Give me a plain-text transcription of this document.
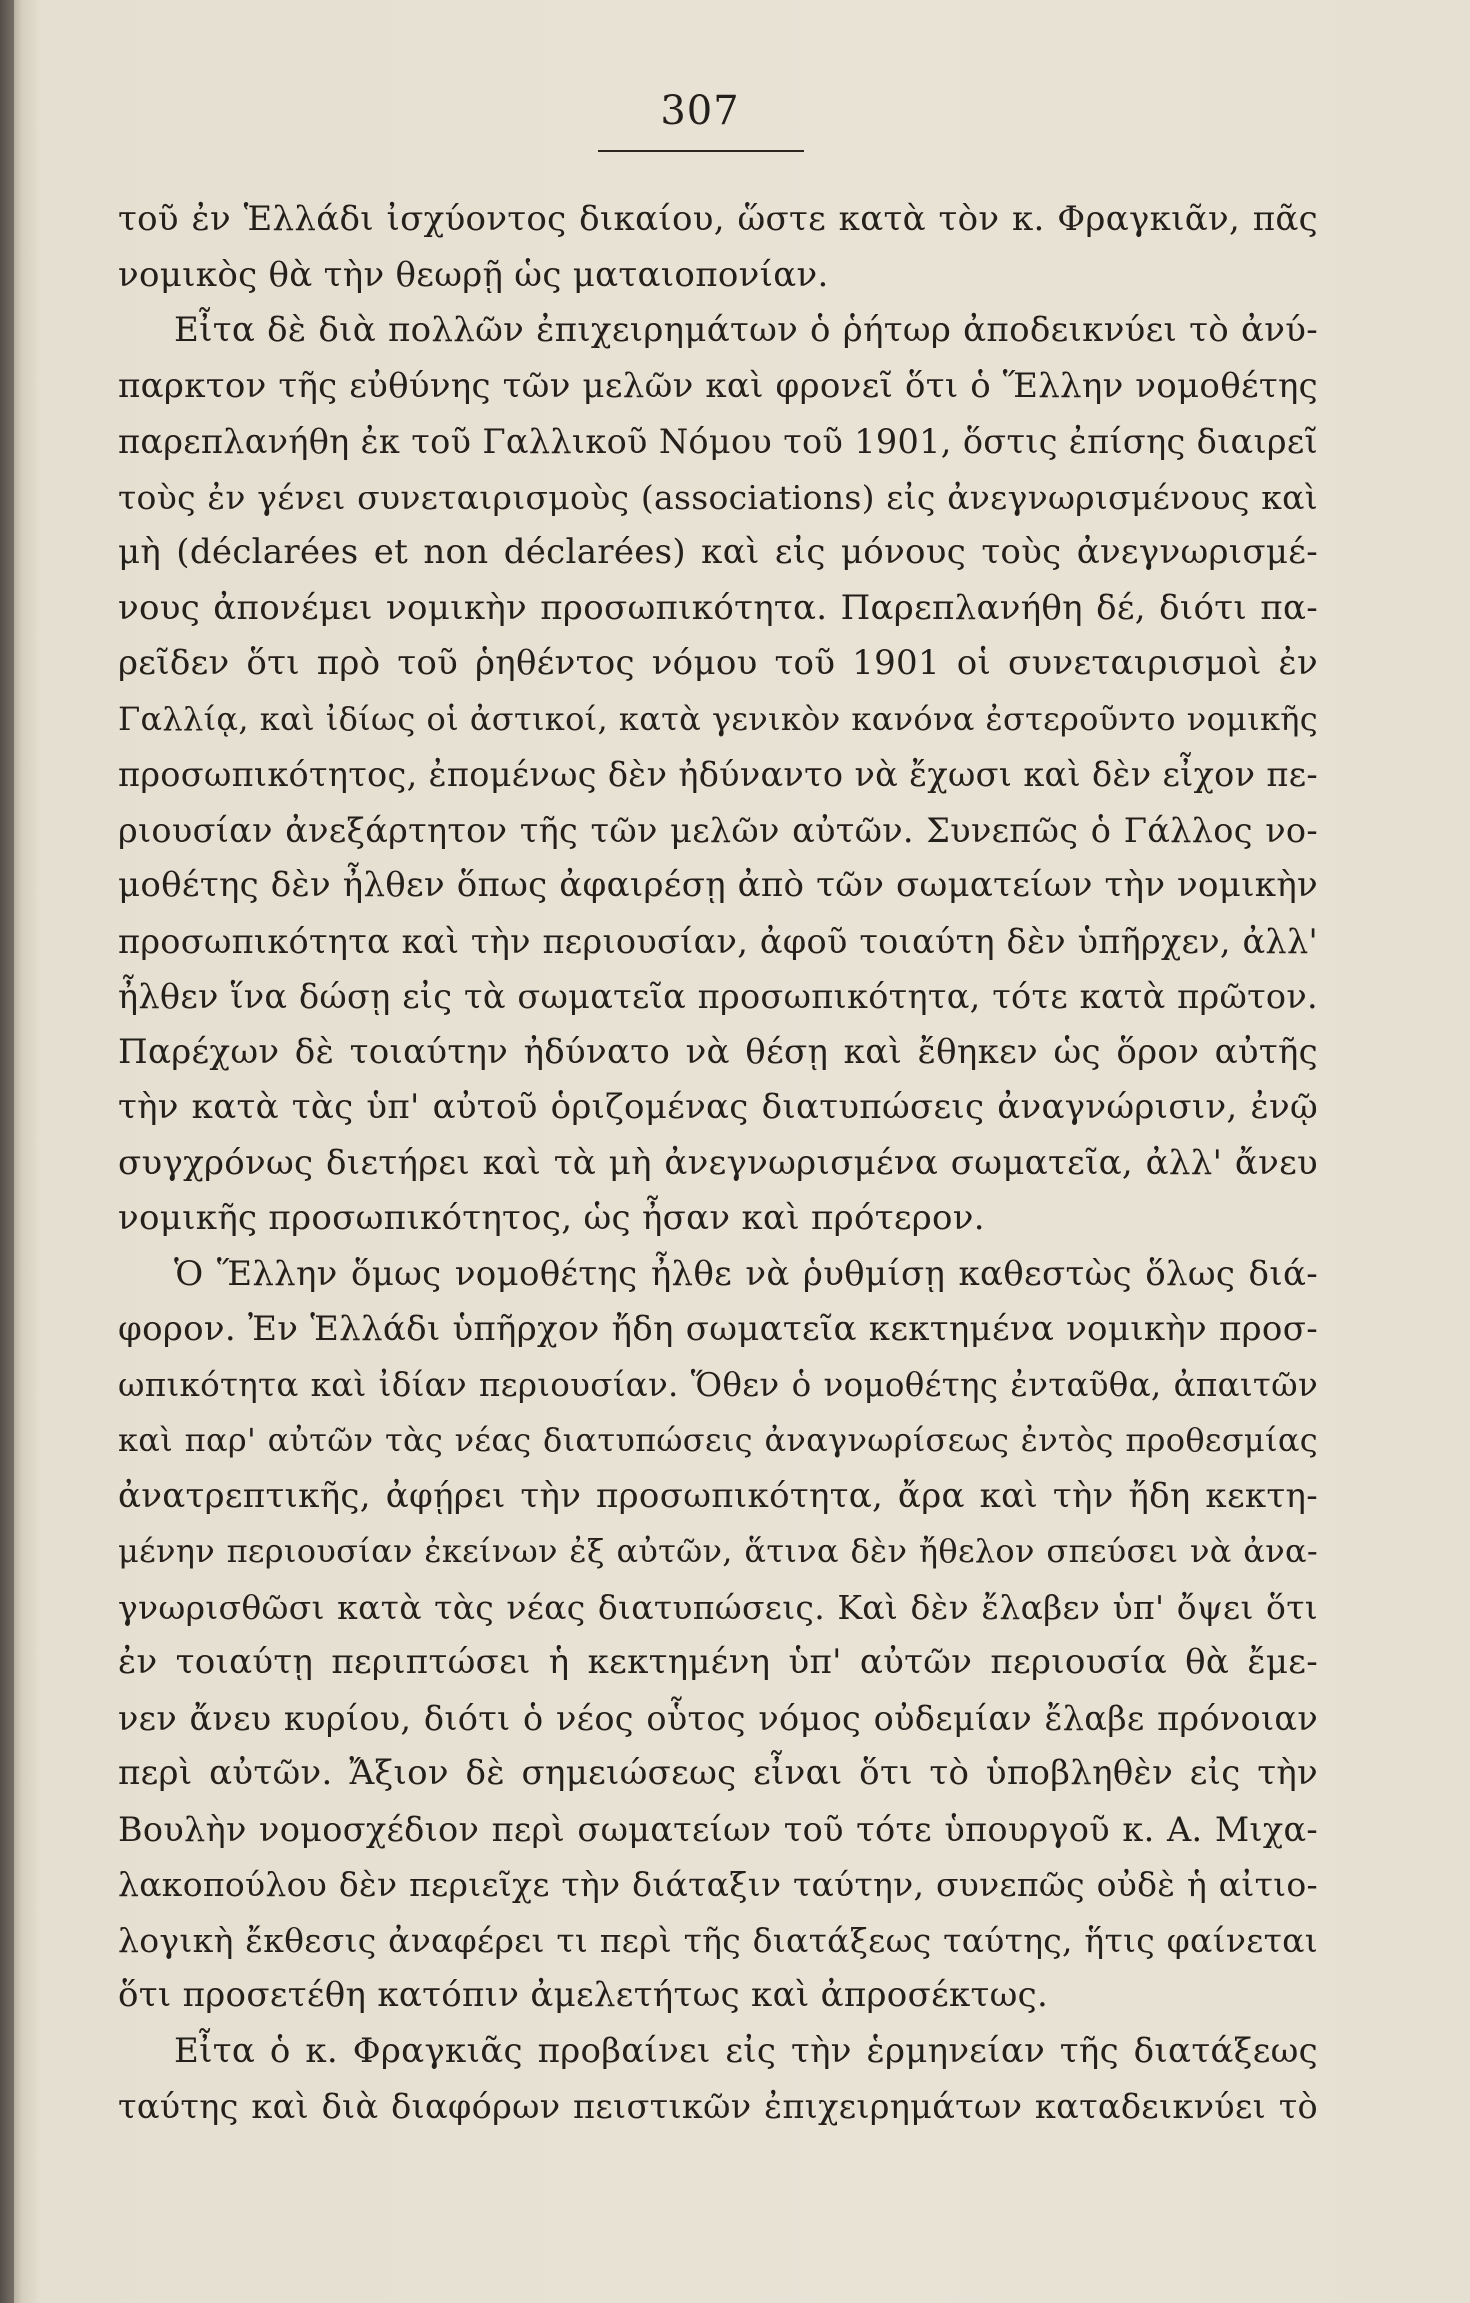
307
τοῦ ἐν Ἑλλάδι ἰσχύοντος δικαίου, ὥστε κατὰ τὸν κ. Φραγκιᾶν, πᾶς
νομικὸς θὰ τὴν θεωρῇ ὡς ματαιοπονίαν.
Εἶτα δὲ διὰ πολλῶν ἐπιχειρημάτων ὁ ῥήτωρ ἀποδεικνύει τὸ ἀνύ-
παρκτον τῆς εὐθύνης τῶν μελῶν καὶ φρονεῖ ὅτι ὁ Ἕλλην νομοθέτης
παρεπλανήθη ἐκ τοῦ Γαλλικοῦ Νόμου τοῦ 1901, ὅστις ἐπίσης διαιρεῖ
τοὺς ἐν γένει συνεταιρισμοὺς (associations) εἰς ἀνεγνωρισμένους καὶ
μὴ (déclarées et non déclarées) καὶ εἰς μόνους τοὺς ἀνεγνωρισμέ-
νους ἀπονέμει νομικὴν προσωπικότητα. Παρεπλανήθη δέ, διότι πα-
ρεῖδεν ὅτι πρὸ τοῦ ῥηθέντος νόμου τοῦ 1901 οἱ συνεταιρισμοὶ ἐν
Γαλλίᾳ, καὶ ἰδίως οἱ ἀστικοί, κατὰ γενικὸν κανόνα ἐστεροῦντο νομικῆς
προσωπικότητος, ἐπομένως δὲν ἠδύναντο νὰ ἔχωσι καὶ δὲν εἶχον πε-
ριουσίαν ἀνεξάρτητον τῆς τῶν μελῶν αὐτῶν. Συνεπῶς ὁ Γάλλος νο-
μοθέτης δὲν ἦλθεν ὅπως ἀφαιρέσῃ ἀπὸ τῶν σωματείων τὴν νομικὴν
προσωπικότητα καὶ τὴν περιουσίαν, ἀφοῦ τοιαύτη δὲν ὑπῆρχεν, ἀλλ'
ἦλθεν ἵνα δώσῃ εἰς τὰ σωματεῖα προσωπικότητα, τότε κατὰ πρῶτον.
Παρέχων δὲ τοιαύτην ἠδύνατο νὰ θέσῃ καὶ ἔθηκεν ὡς ὅρον αὐτῆς
τὴν κατὰ τὰς ὑπ' αὐτοῦ ὁριζομένας διατυπώσεις ἀναγνώρισιν, ἐνῷ
συγχρόνως διετήρει καὶ τὰ μὴ ἀνεγνωρισμένα σωματεῖα, ἀλλ' ἄνευ
νομικῆς προσωπικότητος, ὡς ἦσαν καὶ πρότερον.
Ὁ Ἕλλην ὅμως νομοθέτης ἦλθε νὰ ῥυθμίσῃ καθεστὼς ὅλως διά-
φορον. Ἐν Ἑλλάδι ὑπῆρχον ἤδη σωματεῖα κεκτημένα νομικὴν προσ-
ωπικότητα καὶ ἰδίαν περιουσίαν. Ὅθεν ὁ νομοθέτης ἐνταῦθα, ἀπαιτῶν
καὶ παρ' αὐτῶν τὰς νέας διατυπώσεις ἀναγνωρίσεως ἐντὸς προθεσμίας
ἀνατρεπτικῆς, ἀφῄρει τὴν προσωπικότητα, ἄρα καὶ τὴν ἤδη κεκτη-
μένην περιουσίαν ἐκείνων ἐξ αὐτῶν, ἅτινα δὲν ἤθελον σπεύσει νὰ ἀνα-
γνωρισθῶσι κατὰ τὰς νέας διατυπώσεις. Καὶ δὲν ἔλαβεν ὑπ' ὄψει ὅτι
ἐν τοιαύτῃ περιπτώσει ἡ κεκτημένη ὑπ' αὐτῶν περιουσία θὰ ἔμε-
νεν ἄνευ κυρίου, διότι ὁ νέος οὗτος νόμος οὐδεμίαν ἔλαβε πρόνοιαν
περὶ αὐτῶν. Ἄξιον δὲ σημειώσεως εἶναι ὅτι τὸ ὑποβληθὲν εἰς τὴν
Βουλὴν νομοσχέδιον περὶ σωματείων τοῦ τότε ὑπουργοῦ κ. Α. Μιχα-
λακοπούλου δὲν περιεῖχε τὴν διάταξιν ταύτην, συνεπῶς οὐδὲ ἡ αἰτιο-
λογικὴ ἔκθεσις ἀναφέρει τι περὶ τῆς διατάξεως ταύτης, ἥτις φαίνεται
ὅτι προσετέθη κατόπιν ἀμελετήτως καὶ ἀπροσέκτως.
Εἶτα ὁ κ. Φραγκιᾶς προβαίνει εἰς τὴν ἑρμηνείαν τῆς διατάξεως
ταύτης καὶ διὰ διαφόρων πειστικῶν ἐπιχειρημάτων καταδεικνύει τὸ
